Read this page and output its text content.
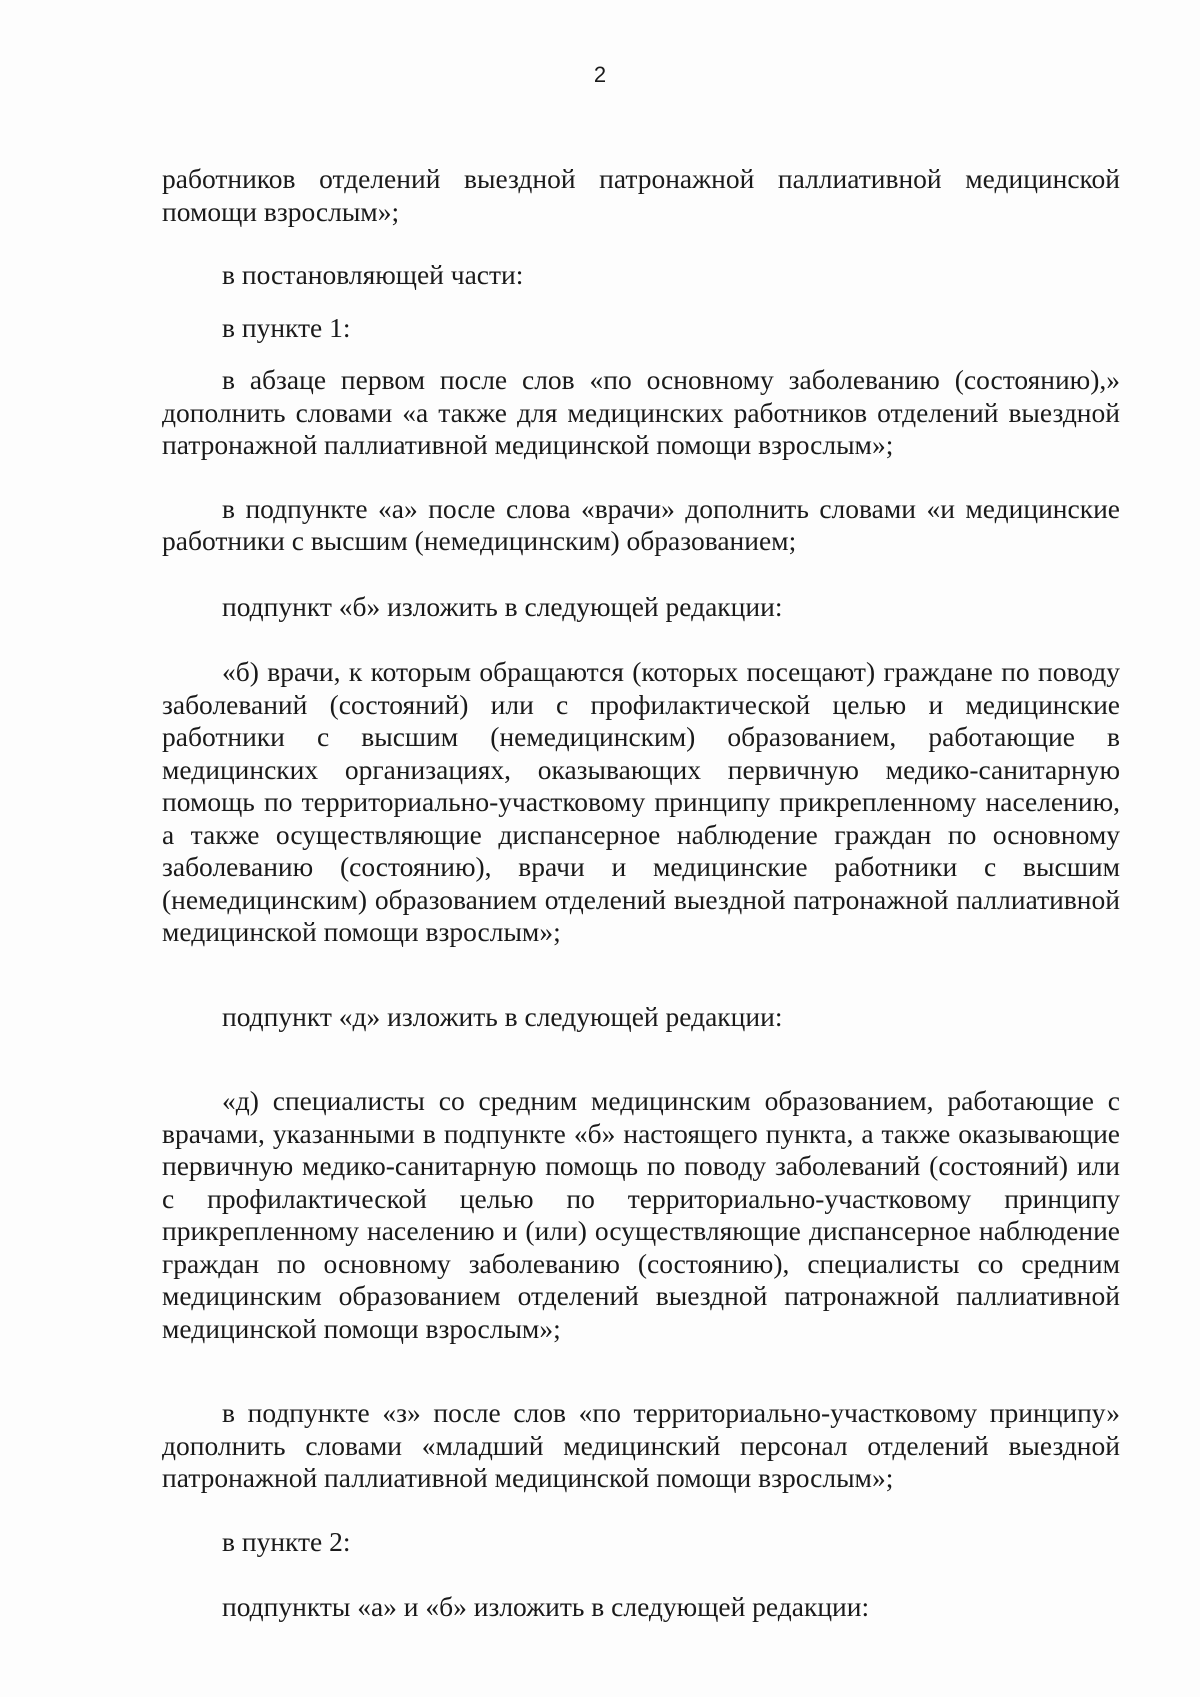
2

работников отделений выездной патронажной паллиативной медицинской помощи взрослым»;

в постановляющей части:

в пункте 1:

в абзаце первом после слов «по основному заболеванию (состоянию),» дополнить словами «а также для медицинских работников отделений выездной патронажной паллиативной медицинской помощи взрослым»;

в подпункте «а» после слова «врачи» дополнить словами «и медицинские работники с высшим (немедицинским) образованием;

подпункт «б» изложить в следующей редакции:

«б) врачи, к которым обращаются (которых посещают) граждане по поводу заболеваний (состояний) или с профилактической целью и медицинские работники с высшим (немедицинским) образованием, работающие в медицинских организациях, оказывающих первичную медико-санитарную помощь по территориально-участковому принципу прикрепленному населению, а также осуществляющие диспансерное наблюдение граждан по основному заболеванию (состоянию), врачи и медицинские работники с высшим (немедицинским) образованием отделений выездной патронажной паллиативной медицинской помощи взрослым»;

подпункт «д» изложить в следующей редакции:

«д) специалисты со средним медицинским образованием, работающие с врачами, указанными в подпункте «б» настоящего пункта, а также оказывающие первичную медико-санитарную помощь по поводу заболеваний (состояний) или с профилактической целью по территориально-участковому принципу прикрепленному населению и (или) осуществляющие диспансерное наблюдение граждан по основному заболеванию (состоянию), специалисты со средним медицинским образованием отделений выездной патронажной паллиативной медицинской помощи взрослым»;

в подпункте «з» после слов «по территориально-участковому принципу» дополнить словами «младший медицинский персонал отделений выездной патронажной паллиативной медицинской помощи взрослым»;

в пункте 2:

подпункты «а» и «б» изложить в следующей редакции:
